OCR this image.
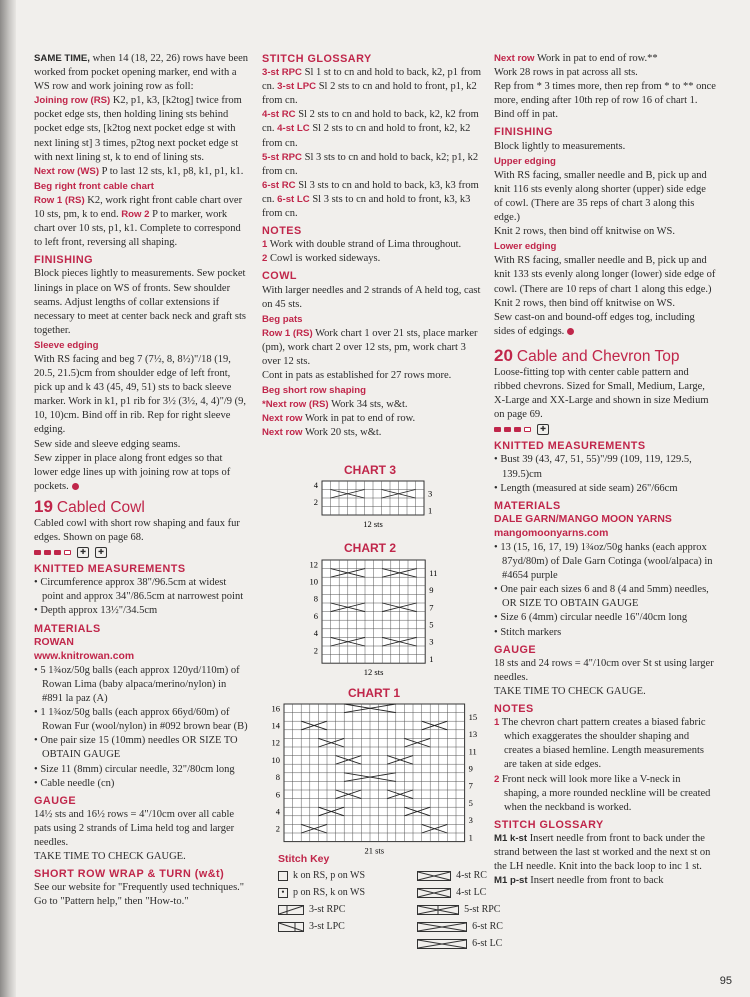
SAME TIME, when 14 (18, 22, 26) rows have been worked from pocket opening marker, end with a WS row and work joining row as foll:

Joining row (RS) K2, p1, k3, [k2tog] twice from pocket edge sts, then holding lining sts behind pocket edge sts, [k2tog next pocket edge st with next lining st] 3 times, p2tog next pocket edge st with next lining st, k to end of lining sts.

Next row (WS) P to last 12 sts, k1, p8, k1, p1, k1.

Beg right front cable chart

Row 1 (RS) K2, work right front cable chart over 10 sts, pm, k to end. Row 2 P to marker, work chart over 10 sts, p1, k1. Complete to correspond to left front, reversing all shaping.

FINISHING

Block pieces lightly to measurements. Sew pocket linings in place on WS of fronts. Sew shoulder seams. Adjust lengths of collar extensions if necessary to meet at center back neck and graft sts together.

Sleeve edging

With RS facing and beg 7 (7½, 8, 8½)"/18 (19, 20.5, 21.5)cm from shoulder edge of left front, pick up and k 43 (45, 49, 51) sts to back sleeve marker. Work in k1, p1 rib for 3½ (3½, 4, 4)"/9 (9, 10, 10)cm. Bind off in rib. Rep for right sleeve edging.

Sew side and sleeve edging seams.

Sew zipper in place along front edges so that lower edge lines up with joining row at tops of pockets.

19 Cabled Cowl

Cabled cowl with short row shaping and faux fur edges. Shown on page 68.

✚	✚
KNITTED MEASUREMENTS

• Circumference approx 38"/96.5cm at widest point and approx 34"/86.5cm at narrowest point

• Depth approx 13½"/34.5cm

MATERIALS
ROWAN
www.knitrowan.com

• 5 1¾oz/50g balls (each approx 120yd/110m) of Rowan Lima (baby alpaca/merino/nylon) in #891 la paz (A)

• 1 1¾oz/50g balls (each approx 66yd/60m) of Rowan Fur (wool/nylon) in #092 brown bear (B)

• One pair size 15 (10mm) needles OR SIZE TO OBTAIN GAUGE

• Size 11 (8mm) circular needle, 32"/80cm long

• Cable needle (cn)

GAUGE

14½ sts and 16½ rows = 4"/10cm over all cable pats using 2 strands of Lima held tog and larger needles.

TAKE TIME TO CHECK GAUGE.

SHORT ROW WRAP & TURN (w&t)

See our website for "Frequently used techniques." Go to "Pattern help," then "How-to."

STITCH GLOSSARY

3-st RPC Sl 1 st to cn and hold to back, k2, p1 from cn. 3-st LPC Sl 2 sts to cn and hold to front, p1, k2 from cn.

4-st RC Sl 2 sts to cn and hold to back, k2, k2 from cn. 4-st LC Sl 2 sts to cn and hold to front, k2, k2 from cn.

5-st RPC Sl 3 sts to cn and hold to back, k2; p1, k2 from cn.

6-st RC Sl 3 sts to cn and hold to back, k3, k3 from cn. 6-st LC Sl 3 sts to cn and hold to front, k3, k3 from cn.

NOTES

1 Work with double strand of Lima throughout.

2 Cowl is worked sideways.

COWL

With larger needles and 2 strands of A held tog, cast on 45 sts.

Beg pats

Row 1 (RS) Work chart 1 over 21 sts, place marker (pm), work chart 2 over 12 sts, pm, work chart 3 over 12 sts.

Cont in pats as established for 27 rows more.

Beg short row shaping

*Next row (RS) Work 34 sts, w&t.

Next row Work in pat to end of row.

Next row Work 20 sts, w&t.

CHART 3
4
2
3
1
12 sts
CHART 2
12
10
8
6
4
2
11
9
7
5
3
1
12 sts
CHART 1
16
14
12
10
8
6
4
2
15
13
11
9
7
5
3
1
21 sts
Stitch Key
k on RS, p on WS
• p on RS, k on WS
3-st RPC
3-st LPC
4-st RC
4-st LC
5-st RPC
6-st RC
6-st LC

Next row Work in pat to end of row.**

Work 28 rows in pat across all sts.

Rep from * 3 times more, then rep from * to ** once more, ending after 10th rep of row 16 of chart 1.

Bind off in pat.

FINISHING

Block lightly to measurements.

Upper edging

With RS facing, smaller needle and B, pick up and knit 116 sts evenly along shorter (upper) side edge of cowl. (There are 35 reps of chart 3 along this edge.)

Knit 2 rows, then bind off knitwise on WS.

Lower edging

With RS facing, smaller needle and B, pick up and knit 133 sts evenly along longer (lower) side edge of cowl. (There are 10 reps of chart 1 along this edge.)

Knit 2 rows, then bind off knitwise on WS.

Sew cast-on and bound-off edges tog, including sides of edgings.

20 Cable and Chevron Top

Loose-fitting top with center cable pattern and ribbed chevrons. Sized for Small, Medium, Large, X-Large and XX-Large and shown in size Medium on page 69.

✚
KNITTED MEASUREMENTS

• Bust 39 (43, 47, 51, 55)"/99 (109, 119, 129.5, 139.5)cm

• Length (measured at side seam) 26"/66cm

MATERIALS
DALE GARN/MANGO MOON YARNS
mangomoonyarns.com

• 13 (15, 16, 17, 19) 1¾oz/50g hanks (each approx 87yd/80m) of Dale Garn Cotinga (wool/alpaca) in #4654 purple

• One pair each sizes 6 and 8 (4 and 5mm) needles, OR SIZE TO OBTAIN GAUGE

• Size 6 (4mm) circular needle 16"/40cm long

• Stitch markers

GAUGE

18 sts and 24 rows = 4"/10cm over St st using larger needles.

TAKE TIME TO CHECK GAUGE.

NOTES

1 The chevron chart pattern creates a biased fabric which exaggerates the shoulder shaping and creates a biased hemline. Length measurements are taken at side edges.

2 Front neck will look more like a V-neck in shaping, a more rounded neckline will be created when the neckband is worked.

STITCH GLOSSARY

M1 k-st Insert needle from front to back under the strand between the last st worked and the next st on the LH needle. Knit into the back loop to inc 1 st. M1 p-st Insert needle from front to back

95
